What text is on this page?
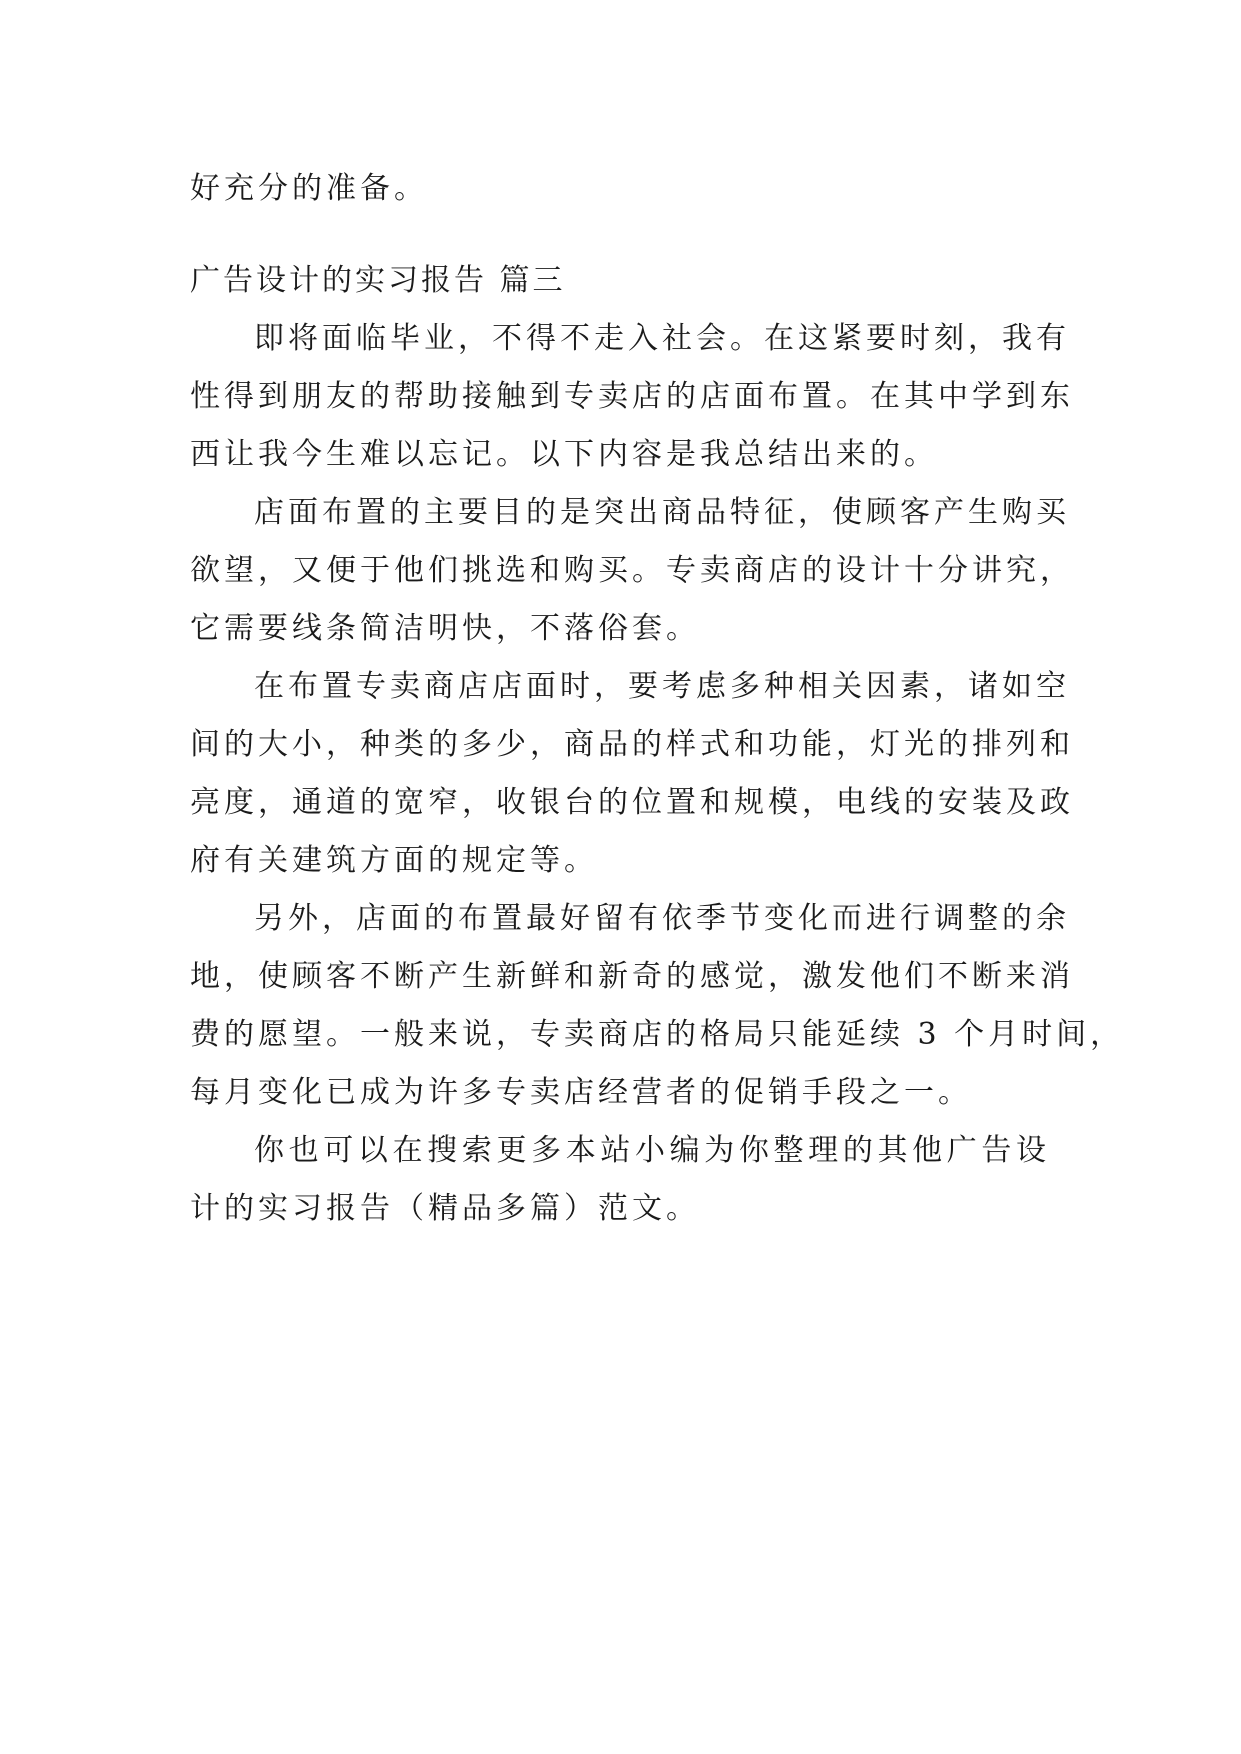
好充分的准备。
广告设计的实习报告 篇三
即将面临毕业，不得不走入社会。在这紧要时刻，我有
性得到朋友的帮助接触到专卖店的店面布置。在其中学到东
西让我今生难以忘记。以下内容是我总结出来的。
店面布置的主要目的是突出商品特征，使顾客产生购买
欲望，又便于他们挑选和购买。专卖商店的设计十分讲究，
它需要线条简洁明快，不落俗套。
在布置专卖商店店面时，要考虑多种相关因素，诸如空
间的大小，种类的多少，商品的样式和功能，灯光的排列和
亮度，通道的宽窄，收银台的位置和规模，电线的安装及政
府有关建筑方面的规定等。
另外，店面的布置最好留有依季节变化而进行调整的余
地，使顾客不断产生新鲜和新奇的感觉，激发他们不断来消
费的愿望。一般来说，专卖商店的格局只能延续 3 个月时间，
每月变化已成为许多专卖店经营者的促销手段之一。
你也可以在搜索更多本站小编为你整理的其他广告设
计的实习报告（精品多篇）范文。
